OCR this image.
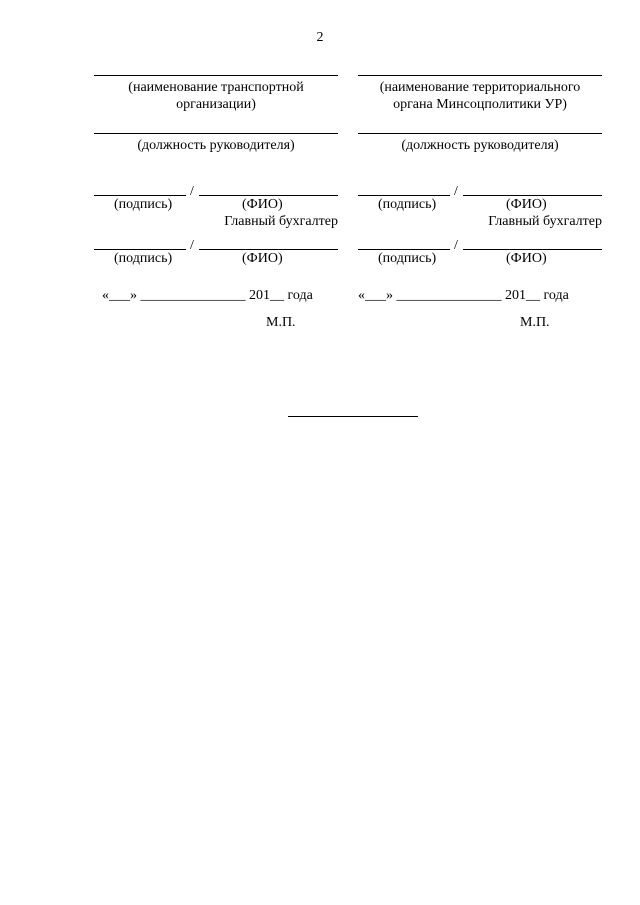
2
(наименование транспортной
организации)
(должность руководителя)
/
(подпись)	(ФИО)
Главный бухгалтер
/
(подпись)	(ФИО)
«___» _______________ 201__ года
М.П.
(наименование территориального
органа Минсоцполитики УР)
(должность руководителя)
/
(подпись)	(ФИО)
Главный бухгалтер
/
(подпись)	(ФИО)
«___» _______________ 201__ года
М.П.
